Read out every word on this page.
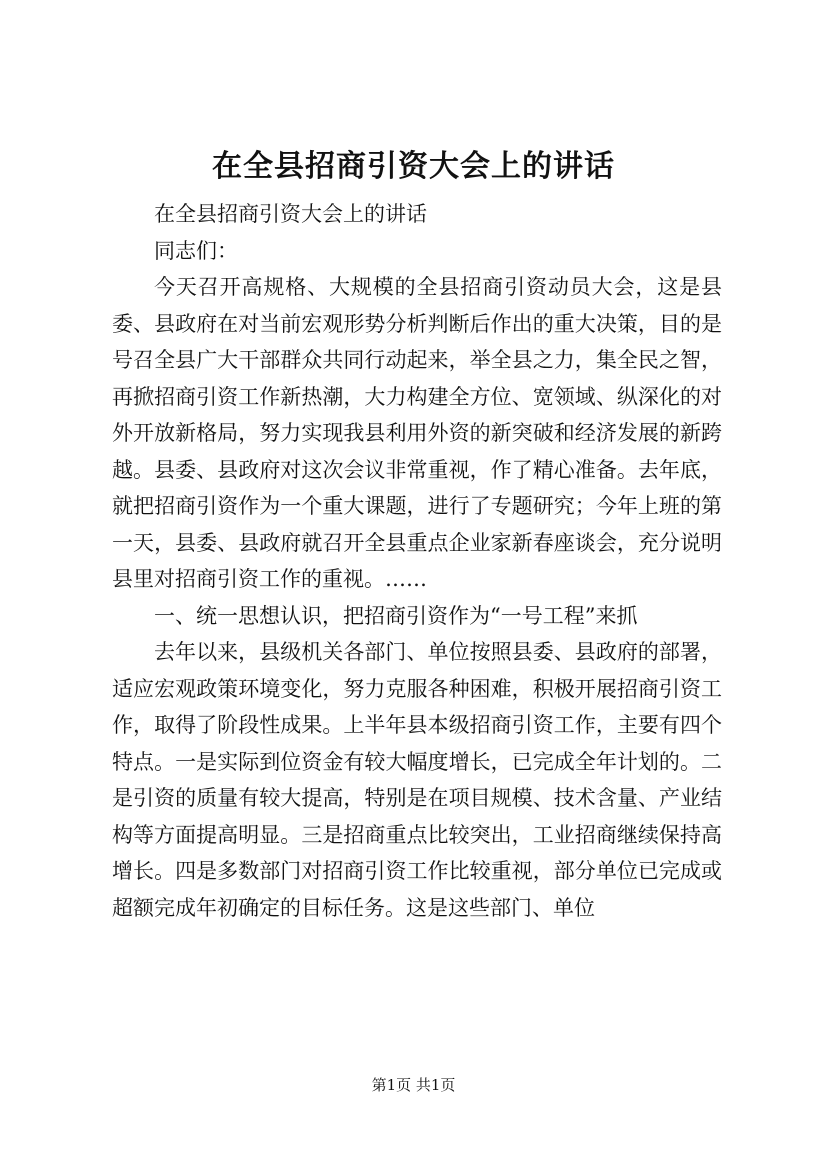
在全县招商引资大会上的讲话

在全县招商引资大会上的讲话

同志们：

今天召开高规格、大规模的全县招商引资动员大会，这是县委、县政府在对当前宏观形势分析判断后作出的重大决策，目的是号召全县广大干部群众共同行动起来，举全县之力，集全民之智，再掀招商引资工作新热潮，大力构建全方位、宽领域、纵深化的对外开放新格局，努力实现我县利用外资的新突破和经济发展的新跨越。县委、县政府对这次会议非常重视，作了精心准备。去年底，就把招商引资作为一个重大课题，进行了专题研究；今年上班的第一天，县委、县政府就召开全县重点企业家新春座谈会，充分说明县里对招商引资工作的重视。……

一、统一思想认识，把招商引资作为“一号工程”来抓

去年以来，县级机关各部门、单位按照县委、县政府的部署，适应宏观政策环境变化，努力克服各种困难，积极开展招商引资工作，取得了阶段性成果。上半年县本级招商引资工作，主要有四个特点。一是实际到位资金有较大幅度增长，已完成全年计划的。二是引资的质量有较大提高，特别是在项目规模、技术含量、产业结构等方面提高明显。三是招商重点比较突出，工业招商继续保持高增长。四是多数部门对招商引资工作比较重视，部分单位已完成或超额完成年初确定的目标任务。这是这些部门、单位

第1页 共1页
